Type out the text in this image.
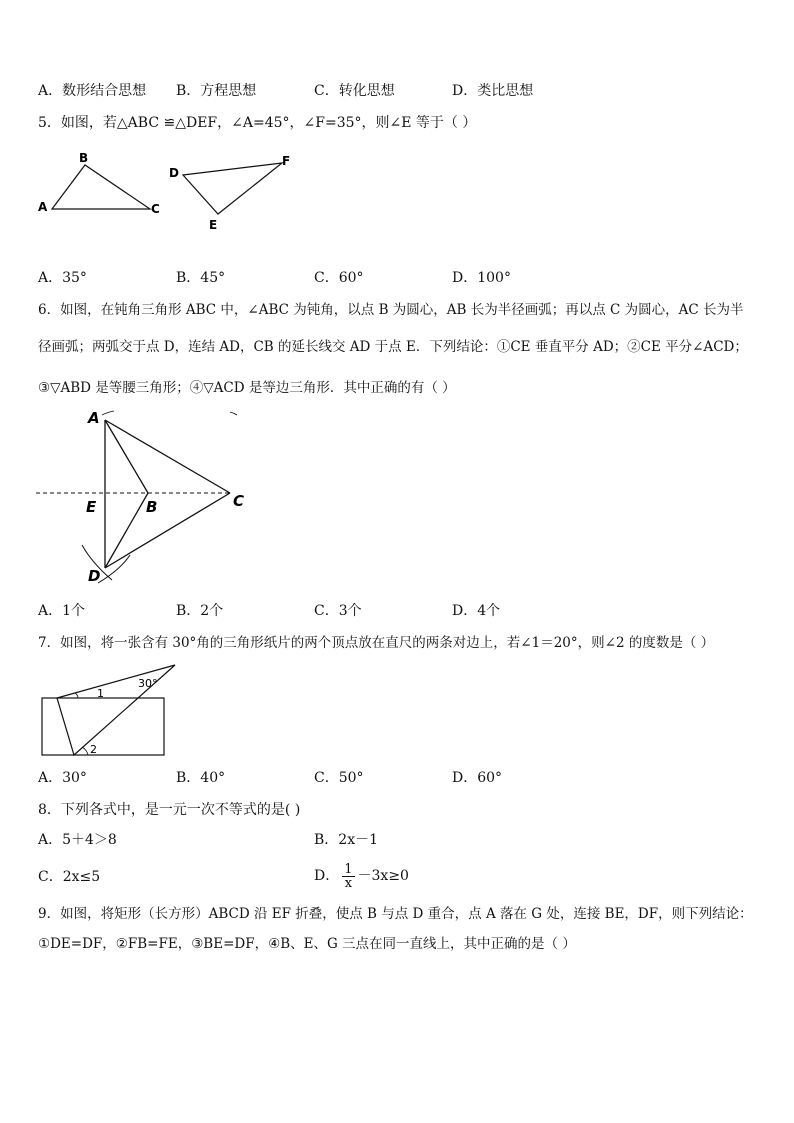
A．数形结合思想 B．方程思想	C．转化思想	D．类比思想
5．如图，若△ABC ≌△DEF，∠A=45°，∠F=35°，则∠E 等于（ ）
A
B
C
D
F
E
A．35°	B．45°	C．60°	D．100°
6．如图，在钝角三角形 ABC 中，∠ABC 为钝角，以点 B 为圆心，AB 长为半径画弧；再以点 C 为圆心，AC 长为半
径画弧；两弧交于点 D，连结 AD，CB 的延长线交 AD 于点 E．下列结论：①CE 垂直平分 AD；②CE 平分∠ACD；
③▽ABD 是等腰三角形；④▽ACD 是等边三角形．其中正确的有（ ）
A
E	B	C
D
A．1个	B．2个	C．3个	D．4个
7．如图，将一张含有 30°角的三角形纸片的两个顶点放在直尺的两条对边上，若∠1＝20°，则∠2 的度数是（ ）
30°
1
2
A．30°	B．40°	C．50°	D．60°
8．下列各式中，是一元一次不等式的是( )
A．5＋4＞8	B．2x－1
C．2x≤5	D． $\frac{1}{x} -3x\ge 0$
9．如图，将矩形（长方形）ABCD 沿 EF 折叠，使点 B 与点 D 重合，点 A 落在 G 处，连接 BE，DF，则下列结论：
①DE=DF，②FB=FE，③BE=DF，④B、E、G 三点在同一直线上，其中正确的是（ ）
